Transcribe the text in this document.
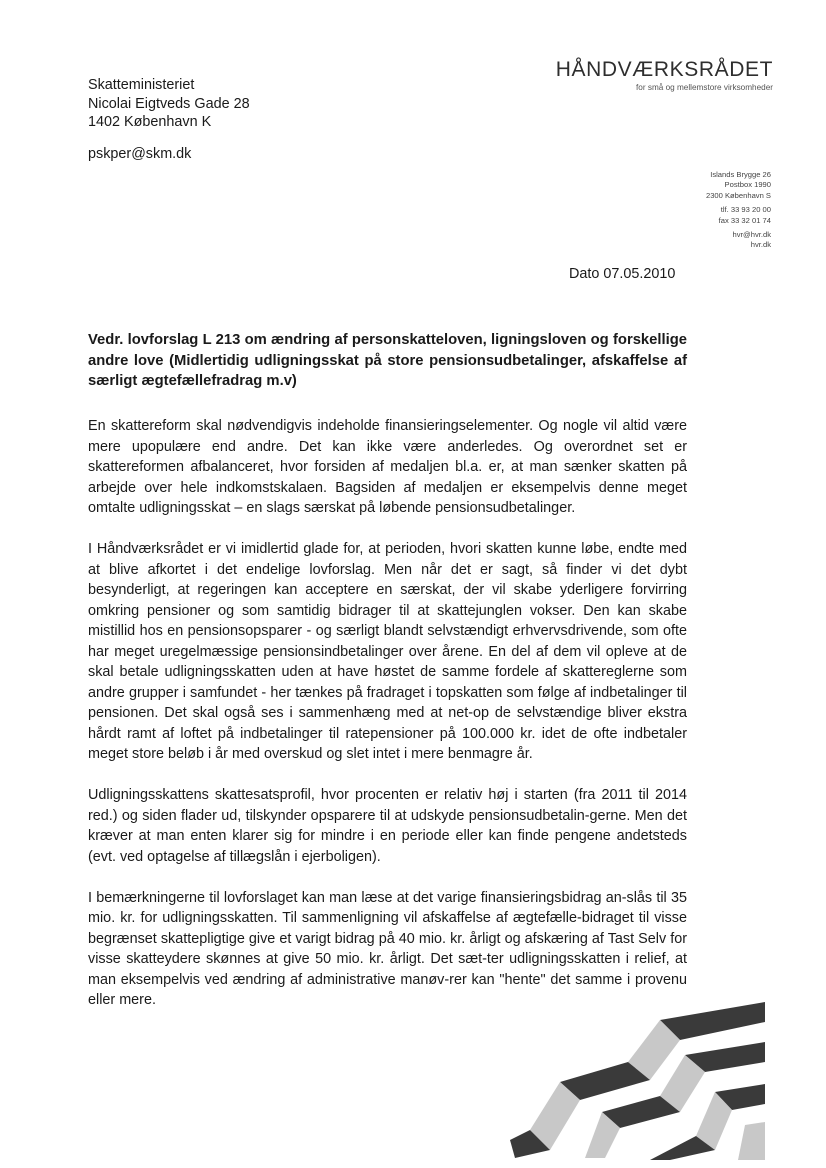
Skatteministeriet
Nicolai Eigtveds Gade 28
1402 København K
pskper@skm.dk
HÅNDVÆRKSRÅDET
for små og mellemstore virksomheder
Islands Brygge 26
Postbox 1990
2300 København S
tlf. 33 93 20 00
fax 33 32 01 74
hvr@hvr.dk
hvr.dk
Dato 07.05.2010
Vedr. lovforslag L 213 om ændring af personskatteloven, ligningsloven og forskellige andre love (Midlertidig udligningsskat på store pensionsudbetalinger, afskaffelse af særligt ægtefællefradrag m.v)

En skattereform skal nødvendigvis indeholde finansieringselementer. Og nogle vil altid være mere upopulære end andre. Det kan ikke være anderledes. Og overordnet set er skattereformen afbalanceret, hvor forsiden af medaljen bl.a. er, at man sænker skatten på arbejde over hele indkomstskalaen. Bagsiden af medaljen er eksempelvis denne meget omtalte udligningsskat – en slags særskat på løbende pensionsudbetalinger.

I Håndværksrådet er vi imidlertid glade for, at perioden, hvori skatten kunne løbe, endte med at blive afkortet i det endelige lovforslag. Men når det er sagt, så finder vi det dybt besynderligt, at regeringen kan acceptere en særskat, der vil skabe yderligere forvirring omkring pensioner og som samtidig bidrager til at skattejunglen vokser. Den kan skabe mistillid hos en pensionsopsparer - og særligt blandt selvstændigt erhvervsdrivende, som ofte har meget uregelmæssige pensionsindbetalinger over årene. En del af dem vil opleve at de skal betale udligningsskatten uden at have høstet de samme fordele af skattereglerne som andre grupper i samfundet - her tænkes på fradraget i topskatten som følge af indbetalinger til pensionen. Det skal også ses i sammenhæng med at net-op de selvstændige bliver ekstra hårdt ramt af loftet på indbetalinger til ratepensioner på 100.000 kr. idet de ofte indbetaler meget store beløb i år med overskud og slet intet i mere benmagre år.

Udligningsskattens skattesatsprofil, hvor procenten er relativ høj i starten (fra 2011 til 2014 red.) og siden flader ud, tilskynder opsparere til at udskyde pensionsudbetalin-gerne. Men det kræver at man enten klarer sig for mindre i en periode eller kan finde pengene andetsteds (evt. ved optagelse af tillægslån i ejerboligen).

I bemærkningerne til lovforslaget kan man læse at det varige finansieringsbidrag an-slås til 35 mio. kr. for udligningsskatten. Til sammenligning vil afskaffelse af ægtefælle-bidraget til visse begrænset skattepligtige give et varigt bidrag på 40 mio. kr. årligt og afskæring af Tast Selv for visse skatteydere skønnes at give 50 mio. kr. årligt. Det sæt-ter udligningsskatten i relief, at man eksempelvis ved ændring af administrative manøv-rer kan "hente" det samme i provenu eller mere.
